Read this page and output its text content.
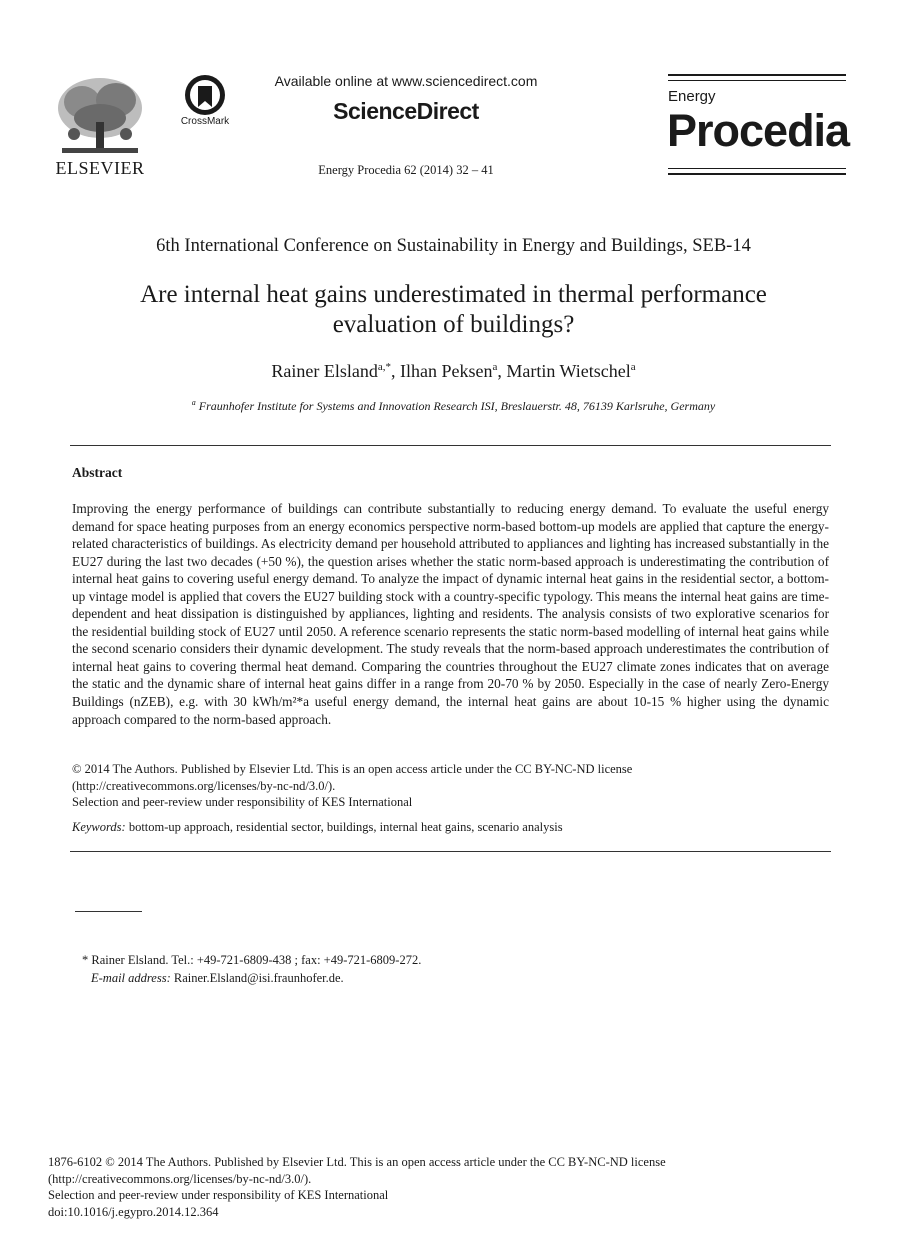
ELSEVIER
CrossMark
Available online at www.sciencedirect.com
ScienceDirect
Energy Procedia 62 (2014) 32 – 41
Energy
Procedia
6th International Conference on Sustainability in Energy and Buildings, SEB-14
Are internal heat gains underestimated in thermal performance
evaluation of buildings?
Rainer Elsland$^{a,*}$, Ilhan Peksen$^a$, Martin Wietschel$^a$
$^a$ Fraunhofer Institute for Systems and Innovation Research ISI, Breslauerstr. 48, 76139 Karlsruhe, Germany
Abstract
Improving the energy performance of buildings can contribute substantially to reducing energy demand. To evaluate the useful energy demand for space heating purposes from an energy economics perspective norm-based bottom-up models are applied that capture the energy-related characteristics of buildings. As electricity demand per household attributed to appliances and lighting has increased substantially in the EU27 during the last two decades (+50 %), the question arises whether the static norm-based approach is underestimating the contribution of internal heat gains to covering useful energy demand. To analyze the impact of dynamic internal heat gains in the residential sector, a bottom-up vintage model is applied that covers the EU27 building stock with a country-specific typology. This means the internal heat gains are time-dependent and heat dissipation is distinguished by appliances, lighting and residents. The analysis consists of two explorative scenarios for the residential building stock of EU27 until 2050. A reference scenario represents the static norm-based modelling of internal heat gains while the second scenario considers their dynamic development. The study reveals that the norm-based approach underestimates the contribution of internal heat gains to covering thermal heat demand. Comparing the countries throughout the EU27 climate zones indicates that on average the static and the dynamic share of internal heat gains differ in a range from 20-70 % by 2050. Especially in the case of nearly Zero-Energy Buildings (nZEB), e.g. with 30 kWh/m²*a useful energy demand, the internal heat gains are about 10-15 % higher using the dynamic approach compared to the norm-based approach.
© 2014 The Authors. Published by Elsevier Ltd. This is an open access article under the CC BY-NC-ND license
(http://creativecommons.org/licenses/by-nc-nd/3.0/).
Selection and peer-review under responsibility of KES International
Keywords: bottom-up approach, residential sector, buildings, internal heat gains, scenario analysis
* Rainer Elsland. Tel.: +49-721-6809-438 ; fax: +49-721-6809-272.
E-mail address: Rainer.Elsland@isi.fraunhofer.de.
1876-6102 © 2014 The Authors. Published by Elsevier Ltd. This is an open access article under the CC BY-NC-ND license
(http://creativecommons.org/licenses/by-nc-nd/3.0/).
Selection and peer-review under responsibility of KES International
doi:10.1016/j.egypro.2014.12.364
